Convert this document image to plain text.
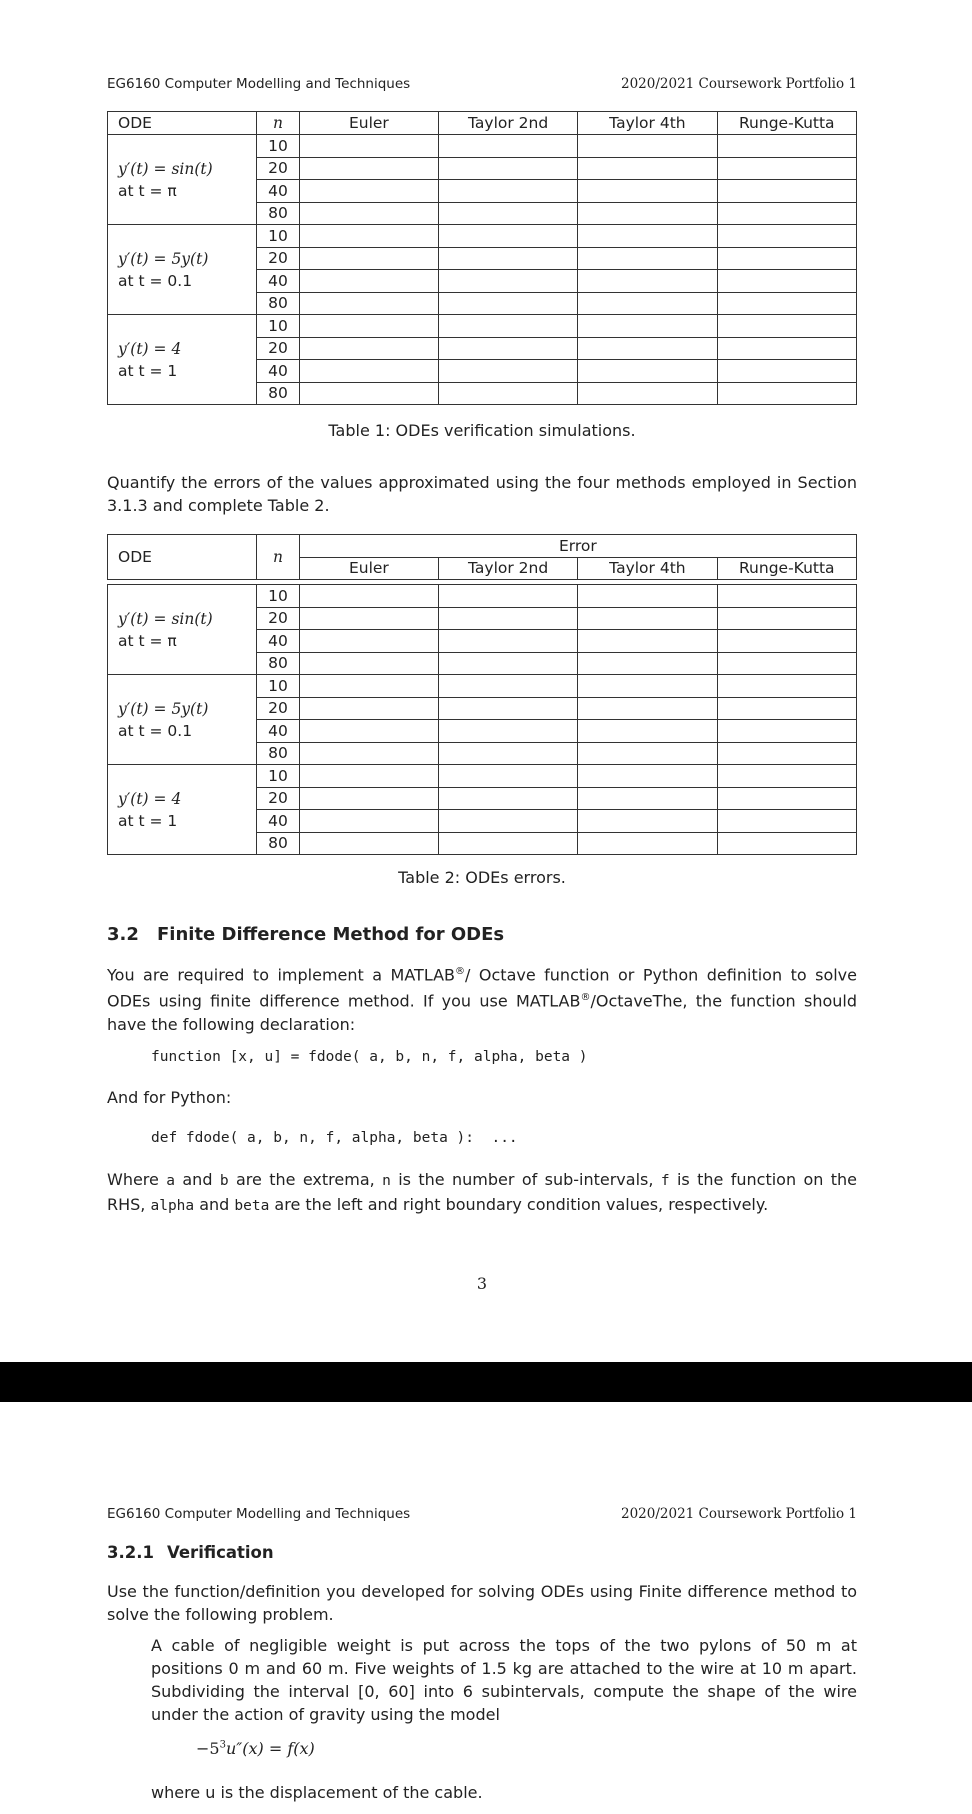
EG6160 Computer Modelling and Techniques	2020/2021 Coursework Portfolio 1
ODE	n	Euler	Taylor 2nd	Taylor 4th	Runge-Kutta

y′(t) = sin(t)
at t = π	10				
	20				
	40				
	80				

y′(t) = 5y(t)
at t = 0.1	10				
	20				
	40				
	80				

y′(t) = 4
at t = 1	10				
	20				
	40				
	80				
Table 1: ODEs verification simulations.
Quantify the errors of the values approximated using the four methods employed in Section 3.1.3 and complete Table 2.
ODE	n	Error			
		Euler	Taylor 2nd	Taylor 4th	Runge-Kutta

y′(t) = sin(t)
at t = π	10				
	20				
	40				
	80				

y′(t) = 5y(t)
at t = 0.1	10				
	20				
	40				
	80				

y′(t) = 4
at t = 1	10				
	20				
	40				
	80				
Table 2: ODEs errors.
3.2 Finite Difference Method for ODEs
You are required to implement a MATLAB®/ Octave function or Python definition to solve ODEs using finite difference method. If you use MATLAB®/OctaveThe, the function should have the following declaration:
function [x, u] = fdode( a, b, n, f, alpha, beta )
And for Python:
def fdode( a, b, n, f, alpha, beta ):  ...
Where a and b are the extrema, n is the number of sub-intervals, f is the function on the RHS, alpha and beta are the left and right boundary condition values, respectively.
3
EG6160 Computer Modelling and Techniques	2020/2021 Coursework Portfolio 1
3.2.1 Verification
Use the function/definition you developed for solving ODEs using Finite difference method to solve the following problem.
A cable of negligible weight is put across the tops of the two pylons of 50 m at positions 0 m and 60 m. Five weights of 1.5 kg are attached to the wire at 10 m apart. Subdividing the interval [0, 60] into 6 subintervals, compute the shape of the wire under the action of gravity using the model
$-5^3u''(x) = f(x)$
where u is the displacement of the cable.
